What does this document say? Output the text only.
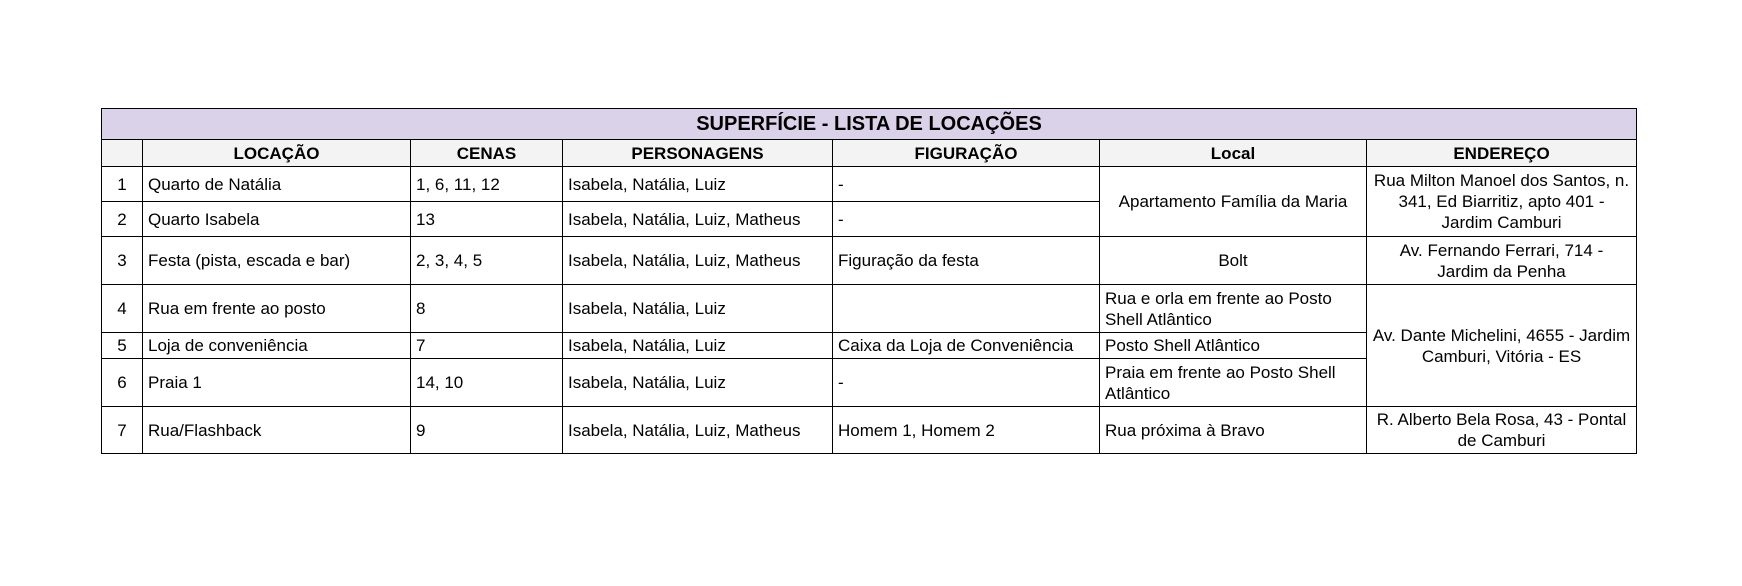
SUPERFÍCIE - LISTA DE LOCAÇÕES						
	LOCAÇÃO	CENAS	PERSONAGENS	FIGURAÇÃO	Local	ENDEREÇO
1	Quarto de Natália	1, 6, 11, 12	Isabela, Natália, Luiz	-	Apartamento Família da Maria	Rua Milton Manoel dos Santos, n. 341, Ed Biarritiz, apto 401 - Jardim Camburi
2	Quarto Isabela	13	Isabela, Natália, Luiz, Matheus	-		
3	Festa (pista, escada e bar)	2, 3, 4, 5	Isabela, Natália, Luiz, Matheus	Figuração da festa	Bolt	Av. Fernando Ferrari, 714 - Jardim da Penha
4	Rua em frente ao posto	8	Isabela, Natália, Luiz		Rua e orla em frente ao Posto Shell Atlântico	Av. Dante Michelini, 4655 - Jardim Camburi, Vitória - ES
5	Loja de conveniência	7	Isabela, Natália, Luiz	Caixa da Loja de Conveniência	Posto Shell Atlântico	
6	Praia 1	14, 10	Isabela, Natália, Luiz	-	Praia em frente ao Posto Shell Atlântico	
7	Rua/Flashback	9	Isabela, Natália, Luiz, Matheus	Homem 1, Homem 2	Rua próxima à Bravo	R. Alberto Bela Rosa, 43 - Pontal de Camburi
